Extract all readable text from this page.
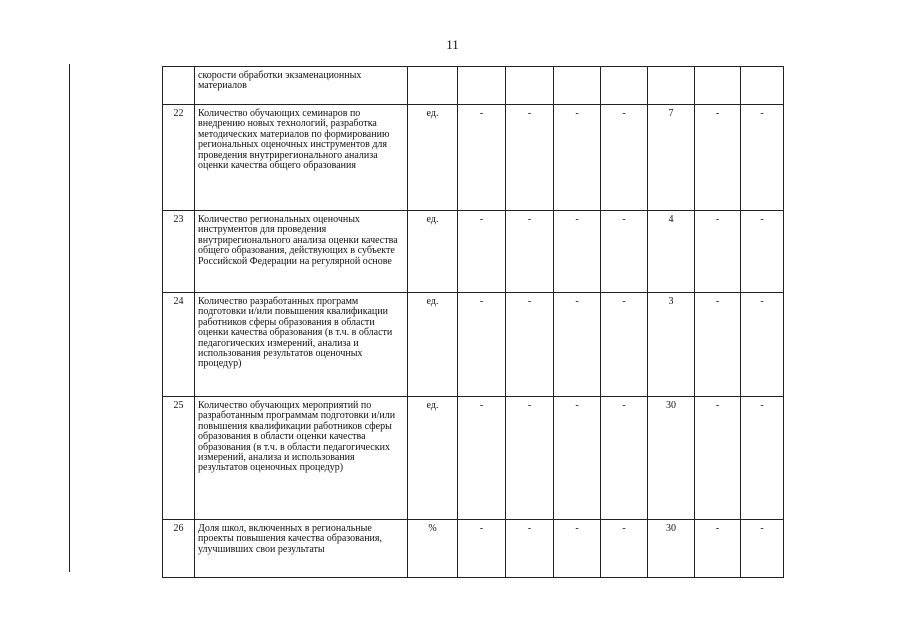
11
	скорости обработки экзаменационных материалов								
22	Количество обучающих семинаров по внедрению новых технологий, разработка методических материалов по формированию региональных оценочных инструментов для проведения внутрирегионального анализа оценки качества общего образования	ед.	-	-	-	-	7	-	-
23	Количество региональных оценочных инструментов для проведения внутрирегионального анализа оценки качества общего образования, действующих в субъекте Российской Федерации на регулярной основе	ед.	-	-	-	-	4	-	-
24	Количество разработанных программ подготовки и/или повышения квалификации работников сферы образования в области оценки качества образования (в т.ч. в области педагогических измерений, анализа и использования результатов оценочных процедур)	ед.	-	-	-	-	3	-	-
25	Количество обучающих мероприятий по разработанным программам подготовки и/или повышения квалификации работников сферы образования в области оценки качества образования (в т.ч. в области педагогических измерений, анализа и использования результатов оценочных процедур)	ед.	-	-	-	-	30	-	-
26	Доля школ, включенных в региональные проекты повышения качества образования, улучшивших свои результаты	%	-	-	-	-	30	-	-
